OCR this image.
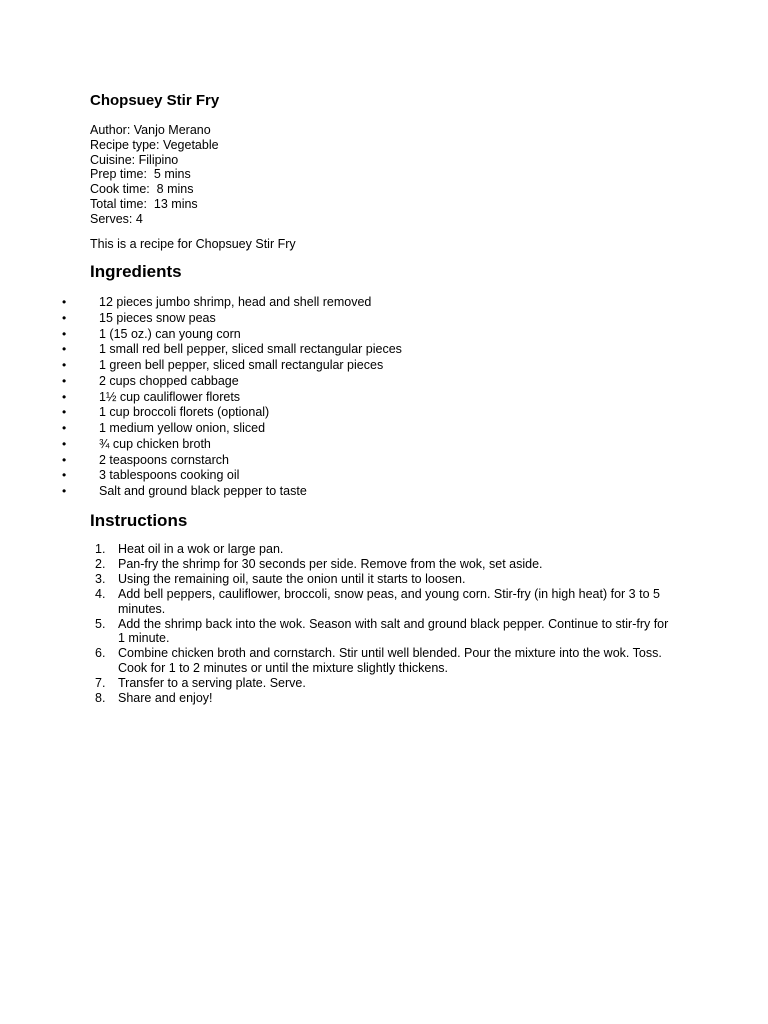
Chopsuey Stir Fry
Author: Vanjo Merano
Recipe type: Vegetable
Cuisine: Filipino
Prep time:  5 mins
Cook time:  8 mins
Total time:  13 mins
Serves: 4
This is a recipe for Chopsuey Stir Fry
Ingredients
•	12 pieces jumbo shrimp, head and shell removed
•	15 pieces snow peas
•	1 (15 oz.) can young corn
•	1 small red bell pepper, sliced small rectangular pieces
•	1 green bell pepper, sliced small rectangular pieces
•	2 cups chopped cabbage
•	1½ cup cauliflower florets
•	1 cup broccoli florets (optional)
•	1 medium yellow onion, sliced
•	¾ cup chicken broth
•	2 teaspoons cornstarch
•	3 tablespoons cooking oil
•	Salt and ground black pepper to taste
Instructions
1. Heat oil in a wok or large pan.
2. Pan-fry the shrimp for 30 seconds per side. Remove from the wok, set aside.
3. Using the remaining oil, saute the onion until it starts to loosen.
4. Add bell peppers, cauliflower, broccoli, snow peas, and young corn. Stir-fry (in high heat) for 3 to 5
minutes.
5. Add the shrimp back into the wok. Season with salt and ground black pepper. Continue to stir-fry for
1 minute.
6. Combine chicken broth and cornstarch. Stir until well blended. Pour the mixture into the wok. Toss.
Cook for 1 to 2 minutes or until the mixture slightly thickens.
7. Transfer to a serving plate. Serve.
8. Share and enjoy!
